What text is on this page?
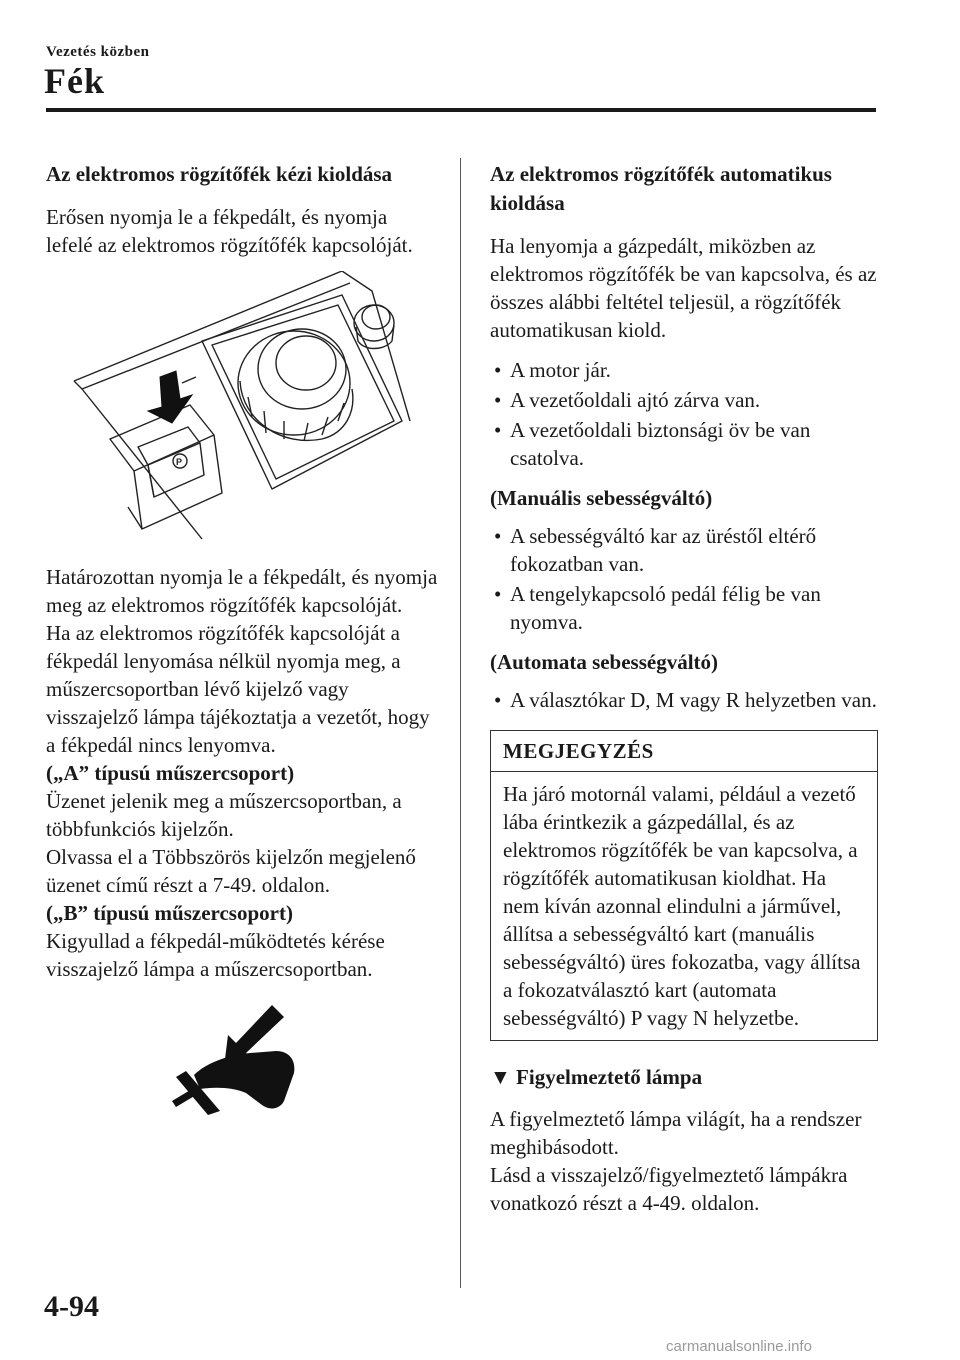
Vezetés közben
Fék
Az elektromos rögzítőfék kézi kioldása

Erősen nyomja le a fékpedált, és nyomja lefelé az elektromos rögzítőfék kapcsolóját.

P

Határozottan nyomja le a fékpedált, és nyomja meg az elektromos rögzítőfék kapcsolóját.

Ha az elektromos rögzítőfék kapcsolóját a fékpedál lenyomása nélkül nyomja meg, a műszercsoportban lévő kijelző vagy visszajelző lámpa tájékoztatja a vezetőt, hogy a fékpedál nincs lenyomva.

(„A” típusú műszercsoport)

Üzenet jelenik meg a műszercsoportban, a többfunkciós kijelzőn.

Olvassa el a Többszörös kijelzőn megjelenő üzenet című részt a 7-49. oldalon.

(„B” típusú műszercsoport)

Kigyullad a fékpedál-működtetés kérése visszajelző lámpa a műszercsoportban.

Az elektromos rögzítőfék automatikus kioldása

Ha lenyomja a gázpedált, miközben az elektromos rögzítőfék be van kapcsolva, és az összes alábbi feltétel teljesül, a rögzítőfék automatikusan kiold.

• A motor jár.
• A vezetőoldali ajtó zárva van.
• A vezetőoldali biztonsági öv be van csatolva.

(Manuális sebességváltó)

• A sebességváltó kar az üréstől eltérő fokozatban van.
• A tengelykapcsoló pedál félig be van nyomva.

(Automata sebességváltó)

• A választókar D, M vagy R helyzetben van.
MEGJEGYZÉS
Ha járó motornál valami, például a vezető lába érintkezik a gázpedállal, és az elektromos rögzítőfék be van kapcsolva, a rögzítőfék automatikusan kioldhat. Ha nem kíván azonnal elindulni a járművel, állítsa a sebességváltó kart (manuális sebességváltó) üres fokozatba, vagy állítsa a fokozatválasztó kart (automata sebességváltó) P vagy N helyzetbe.
▼ Figyelmeztető lámpa

A figyelmeztető lámpa világít, ha a rendszer meghibásodott.

Lásd a visszajelző/figyelmeztető lámpákra vonatkozó részt a 4-49. oldalon.

4-94
carmanualsonline.info
